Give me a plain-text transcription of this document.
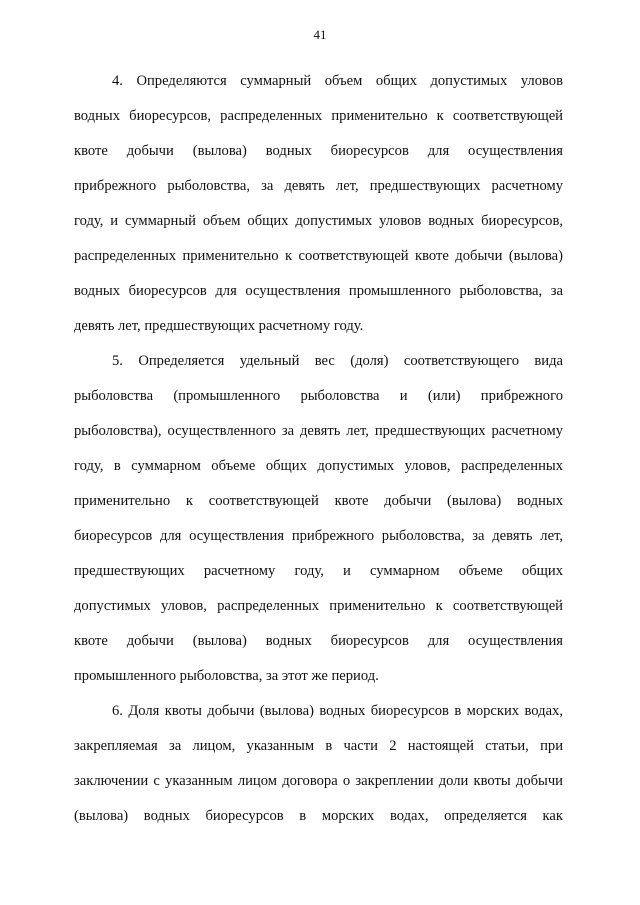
41
4. Определяются суммарный объем общих допустимых уловов
водных биоресурсов, распределенных применительно к соответствующей
квоте добычи (вылова) водных биоресурсов для осуществления
прибрежного рыболовства, за девять лет, предшествующих расчетному
году, и суммарный объем общих допустимых уловов водных биоресурсов,
распределенных применительно к соответствующей квоте добычи (вылова)
водных биоресурсов для осуществления промышленного рыболовства, за
девять лет, предшествующих расчетному году.
5. Определяется удельный вес (доля) соответствующего вида
рыболовства (промышленного рыболовства и (или) прибрежного
рыболовства), осуществленного за девять лет, предшествующих расчетному
году, в суммарном объеме общих допустимых уловов, распределенных
применительно к соответствующей квоте добычи (вылова) водных
биоресурсов для осуществления прибрежного рыболовства, за девять лет,
предшествующих расчетному году, и суммарном объеме общих
допустимых уловов, распределенных применительно к соответствующей
квоте добычи (вылова) водных биоресурсов для осуществления
промышленного рыболовства, за этот же период.
6. Доля квоты добычи (вылова) водных биоресурсов в морских водах,
закрепляемая за лицом, указанным в части 2 настоящей статьи, при
заключении с указанным лицом договора о закреплении доли квоты добычи
(вылова) водных биоресурсов в морских водах, определяется как
